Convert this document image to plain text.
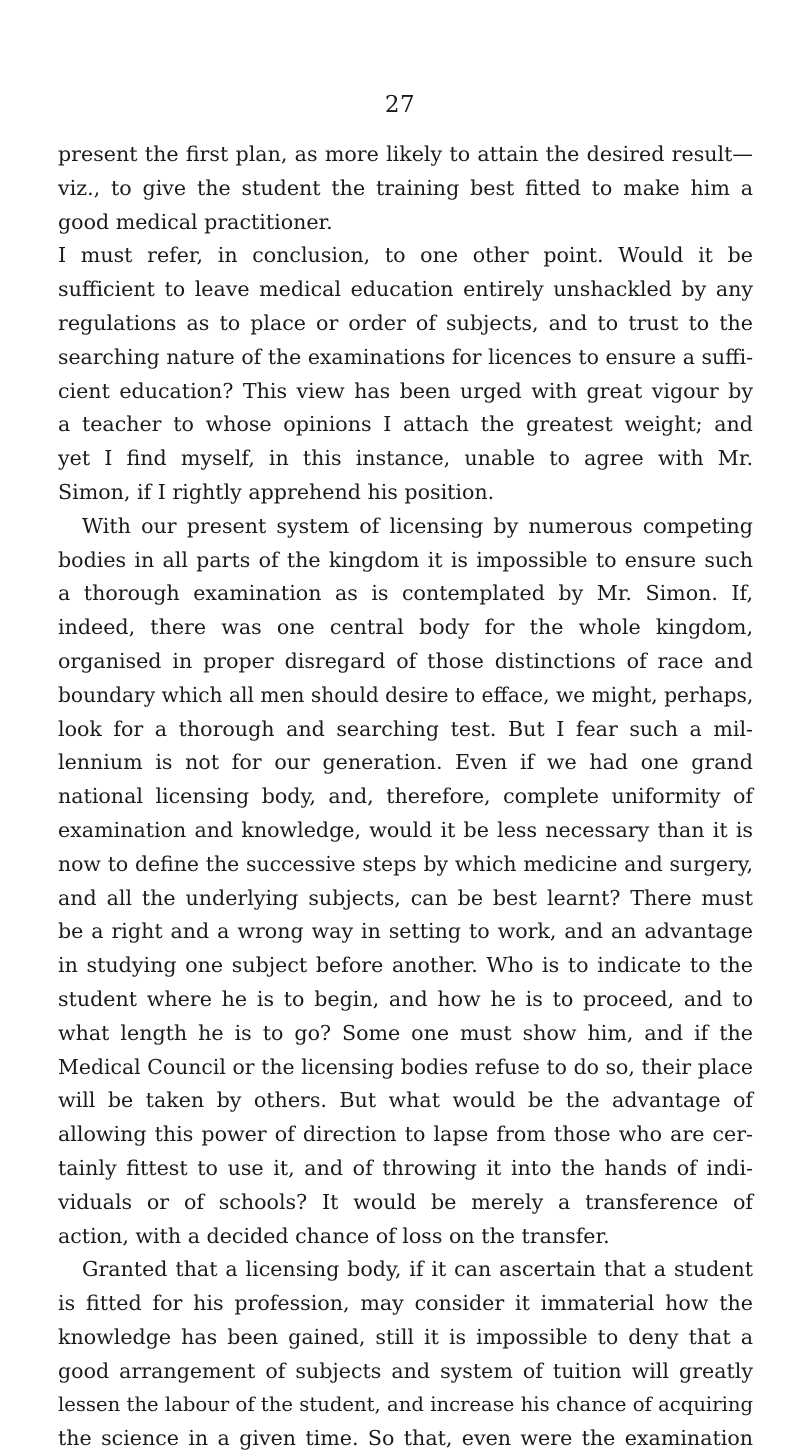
27
present the first plan, as more likely to attain the desired result—
viz., to give the student the training best fitted to make him a
good medical practitioner.
I must refer, in conclusion, to one other point. Would it be
sufficient to leave medical education entirely unshackled by any
regulations as to place or order of subjects, and to trust to the
searching nature of the examinations for licences to ensure a suffi-
cient education? This view has been urged with great vigour by
a teacher to whose opinions I attach the greatest weight; and
yet I find myself, in this instance, unable to agree with Mr.
Simon, if I rightly apprehend his position.
With our present system of licensing by numerous competing
bodies in all parts of the kingdom it is impossible to ensure such
a thorough examination as is contemplated by Mr. Simon. If,
indeed, there was one central body for the whole kingdom,
organised in proper disregard of those distinctions of race and
boundary which all men should desire to efface, we might, perhaps,
look for a thorough and searching test. But I fear such a mil-
lennium is not for our generation. Even if we had one grand
national licensing body, and, therefore, complete uniformity of
examination and knowledge, would it be less necessary than it is
now to define the successive steps by which medicine and surgery,
and all the underlying subjects, can be best learnt? There must
be a right and a wrong way in setting to work, and an advantage
in studying one subject before another. Who is to indicate to the
student where he is to begin, and how he is to proceed, and to
what length he is to go? Some one must show him, and if the
Medical Council or the licensing bodies refuse to do so, their place
will be taken by others. But what would be the advantage of
allowing this power of direction to lapse from those who are cer-
tainly fittest to use it, and of throwing it into the hands of indi-
viduals or of schools? It would be merely a transference of
action, with a decided chance of loss on the transfer.
Granted that a licensing body, if it can ascertain that a student
is fitted for his profession, may consider it immaterial how the
knowledge has been gained, still it is impossible to deny that a
good arrangement of subjects and system of tuition will greatly
lessen the labour of the student, and increase his chance of acquiring
the science in a given time. So that, even were the examination
